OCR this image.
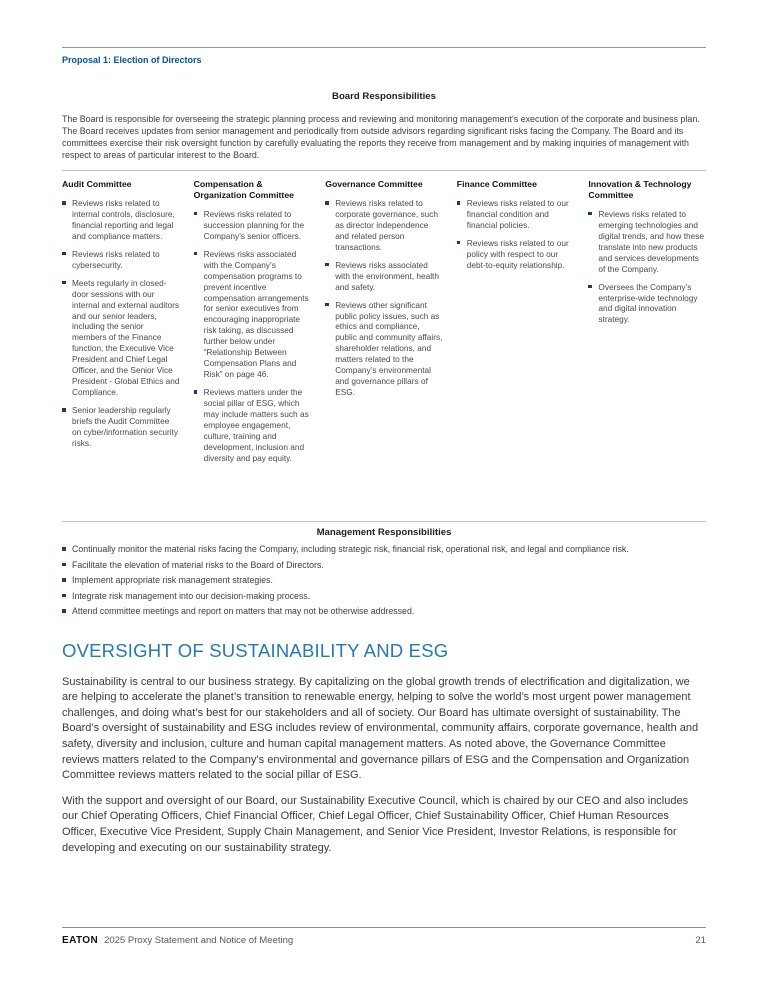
Proposal 1: Election of Directors
Board Responsibilities

The Board is responsible for overseeing the strategic planning process and reviewing and monitoring management’s execution of the corporate and business plan. The Board receives updates from senior management and periodically from outside advisors regarding significant risks facing the Company. The Board and its committees exercise their risk oversight function by carefully evaluating the reports they receive from management and by making inquiries of management with respect to areas of particular interest to the Board.

Audit Committee
Reviews risks related to internal controls, disclosure, financial reporting and legal and compliance matters.
Reviews risks related to cybersecurity.
Meets regularly in closed-door sessions with our internal and external auditors and our senior leaders, including the senior members of the Finance function, the Executive Vice President and Chief Legal Officer, and the Senior Vice President - Global Ethics and Compliance.
Senior leadership regularly briefs the Audit Committee on cyber/information security risks.
Compensation & Organization Committee
Reviews risks related to succession planning for the Company’s senior officers.
Reviews risks associated with the Company’s compensation programs to prevent incentive compensation arrangements for senior executives from encouraging inappropriate risk taking, as discussed further below under “Relationship Between Compensation Plans and Risk” on page 46.
Reviews matters under the social pillar of ESG, which may include matters such as employee engagement, culture, training and development, inclusion and diversity and pay equity.
Governance Committee
Reviews risks related to corporate governance, such as director independence and related person transactions.
Reviews risks associated with the environment, health and safety.
Reviews other significant public policy issues, such as ethics and compliance, public and community affairs, shareholder relations, and matters related to the Company’s environmental and governance pillars of ESG.
Finance Committee
Reviews risks related to our financial condition and financial policies.
Reviews risks related to our policy with respect to our debt-to-equity relationship.
Innovation & Technology Committee
Reviews risks related to emerging technologies and digital trends, and how these translate into new products and services developments of the Company.
Oversees the Company’s enterprise-wide technology and digital innovation strategy.
Management Responsibilities
Continually monitor the material risks facing the Company, including strategic risk, financial risk, operational risk, and legal and compliance risk.
Facilitate the elevation of material risks to the Board of Directors.
Implement appropriate risk management strategies.
Integrate risk management into our decision-making process.
Attend committee meetings and report on matters that may not be otherwise addressed.
OVERSIGHT OF SUSTAINABILITY AND ESG

Sustainability is central to our business strategy. By capitalizing on the global growth trends of electrification and digitalization, we are helping to accelerate the planet’s transition to renewable energy, helping to solve the world’s most urgent power management challenges, and doing what’s best for our stakeholders and all of society. Our Board has ultimate oversight of sustainability. The Board’s oversight of sustainability and ESG includes review of environmental, community affairs, corporate governance, health and safety, diversity and inclusion, culture and human capital management matters. As noted above, the Governance Committee reviews matters related to the Company’s environmental and governance pillars of ESG and the Compensation and Organization Committee reviews matters related to the social pillar of ESG.

With the support and oversight of our Board, our Sustainability Executive Council, which is chaired by our CEO and also includes our Chief Operating Officers, Chief Financial Officer, Chief Legal Officer, Chief Sustainability Officer, Chief Human Resources Officer, Executive Vice President, Supply Chain Management, and Senior Vice President, Investor Relations, is responsible for developing and executing on our sustainability strategy.

EATON 2025 Proxy Statement and Notice of Meeting	21
